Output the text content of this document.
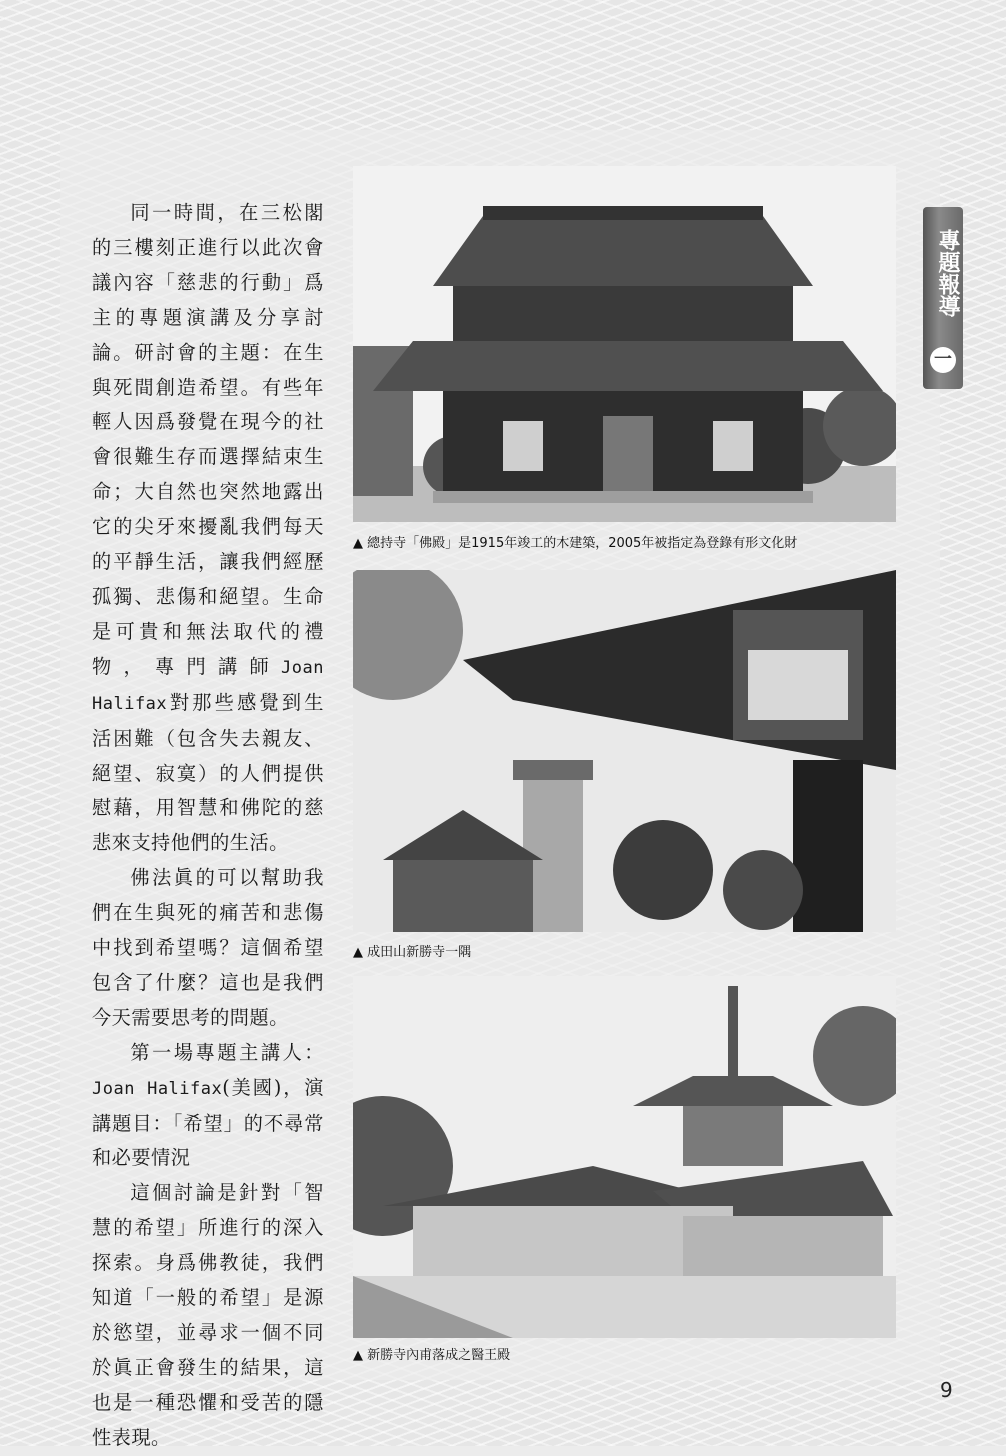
同一時間，在三松閣的三樓刻正進行以此次會議內容「慈悲的行動」爲主的專題演講及分享討論。研討會的主題：在生與死間創造希望。有些年輕人因爲發覺在現今的社會很難生存而選擇結束生命；大自然也突然地露出它的尖牙來擾亂我們每天的平靜生活，讓我們經歷孤獨、悲傷和絕望。生命是可貴和無法取代的禮物，專門講師Joan Halifax對那些感覺到生活困難（包含失去親友、絕望、寂寞）的人們提供慰藉，用智慧和佛陀的慈悲來支持他們的生活。

佛法眞的可以幫助我們在生與死的痛苦和悲傷中找到希望嗎？這個希望包含了什麼？這也是我們今天需要思考的問題。

第一場專題主講人：Joan Halifax(美國)，演講題目：「希望」的不尋常和必要情況

這個討論是針對「智慧的希望」所進行的深入探索。身爲佛教徒，我們知道「一般的希望」是源於慾望，並尋求一個不同於眞正會發生的結果，這也是一種恐懼和受苦的隱性表現。

▲ 總持寺「佛殿」是1915年竣工的木建築，2005年被指定為登錄有形文化財
▲ 成田山新勝寺一隅
▲ 新勝寺內甫落成之醫王殿
專題報導
一
9
